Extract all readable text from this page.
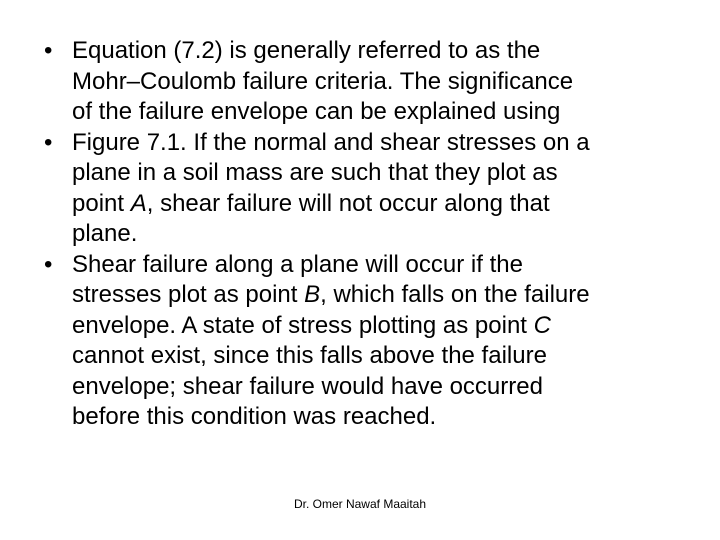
• Equation (7.2) is generally referred to as the
Mohr–Coulomb failure criteria. The significance
of the failure envelope can be explained using
• Figure 7.1. If the normal and shear stresses on a
plane in a soil mass are such that they plot as
point A, shear failure will not occur along that
plane.
• Shear failure along a plane will occur if the
stresses plot as point B, which falls on the failure
envelope. A state of stress plotting as point C
cannot exist, since this falls above the failure
envelope; shear failure would have occurred
before this condition was reached.
Dr. Omer Nawaf Maaitah
